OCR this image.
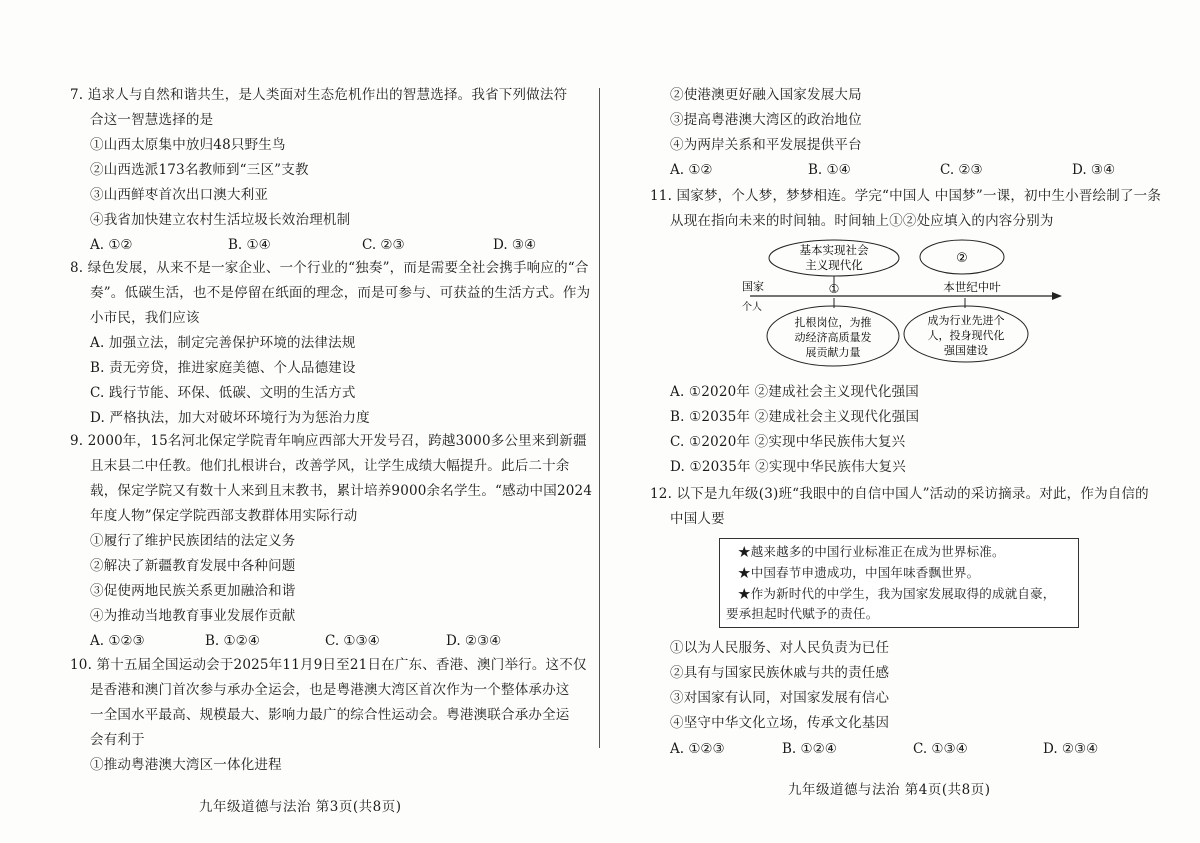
7. 追求人与自然和谐共生，是人类面对生态危机作出的智慧选择。我省下列做法符
合这一智慧选择的是
①山西太原集中放归48只野生鸟
②山西选派173名教师到“三区”支教
③山西鲜枣首次出口澳大利亚
④我省加快建立农村生活垃圾长效治理机制
A. ①②	B. ①④	C. ②③	D. ③④
8. 绿色发展，从来不是一家企业、一个行业的“独奏”，而是需要全社会携手响应的“合
奏”。低碳生活，也不是停留在纸面的理念，而是可参与、可获益的生活方式。作为
小市民，我们应该
A. 加强立法，制定完善保护环境的法律法规
B. 责无旁贷，推进家庭美德、个人品德建设
C. 践行节能、环保、低碳、文明的生活方式
D. 严格执法，加大对破坏环境行为为惩治力度
9. 2000年，15名河北保定学院青年响应西部大开发号召，跨越3000多公里来到新疆
且末县二中任教。他们扎根讲台，改善学风，让学生成绩大幅提升。此后二十余
载，保定学院又有数十人来到且末教书，累计培养9000余名学生。“感动中国2024
年度人物”保定学院西部支教群体用实际行动
①履行了维护民族团结的法定义务
②解决了新疆教育发展中各种问题
③促使两地民族关系更加融洽和谐
④为推动当地教育事业发展作贡献
A. ①②③	B. ①②④	C. ①③④	D. ②③④
10. 第十五届全国运动会于2025年11月9日至21日在广东、香港、澳门举行。这不仅
是香港和澳门首次参与承办全运会，也是粤港澳大湾区首次作为一个整体承办这
一全国水平最高、规模最大、影响力最广的综合性运动会。粤港澳联合承办全运
会有利于
①推动粤港澳大湾区一体化进程
九年级道德与法治 第3页(共8页)
②使港澳更好融入国家发展大局
③提高粤港澳大湾区的政治地位
④为两岸关系和平发展提供平台
A. ①②	B. ①④	C. ②③	D. ③④
11. 国家梦，个人梦，梦梦相连。学完“中国人 中国梦”一课，初中生小晋绘制了一条
从现在指向未来的时间轴。时间轴上①②处应填入的内容分别为
基本实现社会
主义现代化	②
国家
个人
①	本世纪中叶
扎根岗位，为推
动经济高质量发
展贡献力量
成为行业先进个
人，投身现代化
强国建设
A. ①2020年 ②建成社会主义现代化强国
B. ①2035年 ②建成社会主义现代化强国
C. ①2020年 ②实现中华民族伟大复兴
D. ①2035年 ②实现中华民族伟大复兴
12. 以下是九年级(3)班“我眼中的自信中国人”活动的采访摘录。对此，作为自信的
中国人要
★越来越多的中国行业标准正在成为世界标准。
★中国春节申遗成功，中国年味香飘世界。
★作为新时代的中学生，我为国家发展取得的成就自豪，
要承担起时代赋予的责任。
①以为人民服务、对人民负责为已任
②具有与国家民族休戚与共的责任感
③对国家有认同，对国家发展有信心
④坚守中华文化立场，传承文化基因
A. ①②③	B. ①②④	C. ①③④	D. ②③④
九年级道德与法治 第4页(共8页)
